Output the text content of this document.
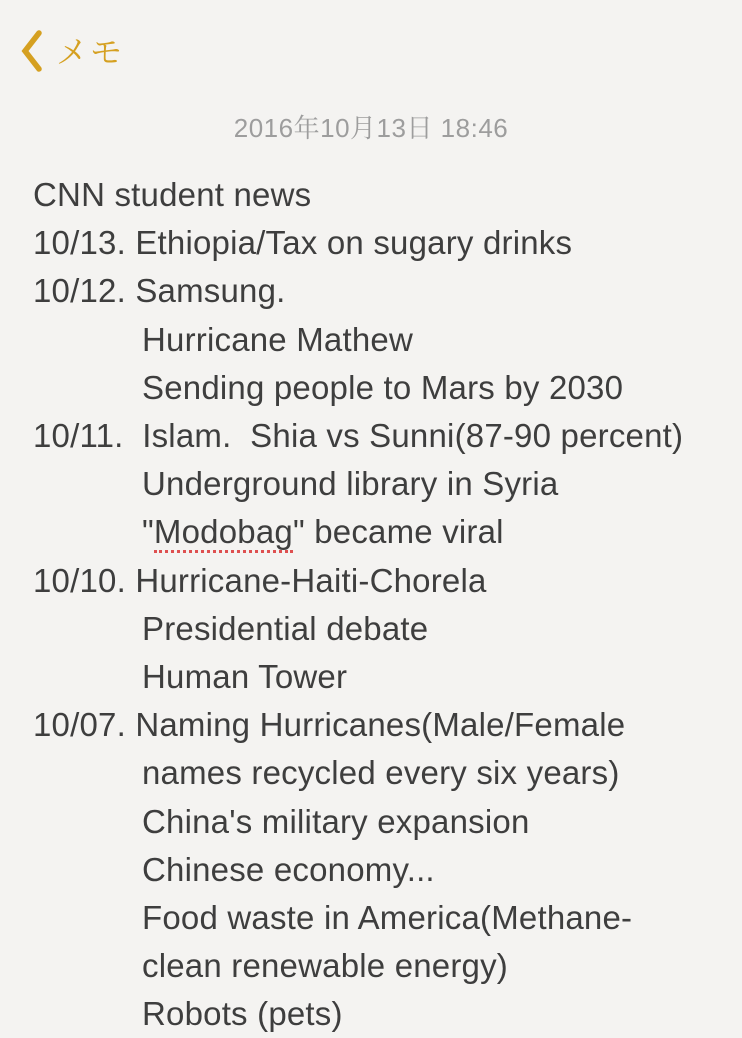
メモ
2016年10月13日 18:46
CNN student news
10/13. Ethiopia/Tax on sugary drinks
10/12. Samsung.
Hurricane Mathew
Sending people to Mars by 2030
10/11.  Islam.  Shia vs Sunni(87-90 percent)
Underground library in Syria
"Modobag" became viral
10/10. Hurricane-Haiti-Chorela
Presidential debate
Human Tower
10/07. Naming Hurricanes(Male/Female
names recycled every six years)
China's military expansion
Chinese economy...
Food waste in America(Methane-
clean renewable energy)
Robots (pets)
